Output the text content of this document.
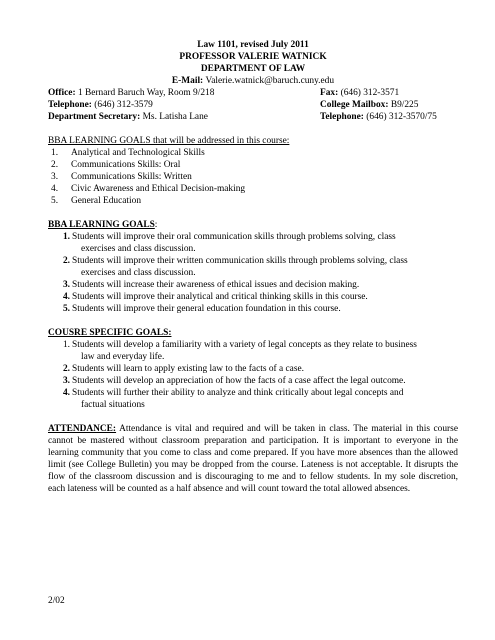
Law 1101, revised July 2011
PROFESSOR VALERIE WATNICK
DEPARTMENT OF LAW
E-Mail: Valerie.watnick@baruch.cuny.edu
Office: 1 Bernard Baruch Way, Room 9/218	Fax: (646) 312-3571
Telephone: (646) 312-3579	College Mailbox: B9/225
Department Secretary: Ms. Latisha Lane	Telephone: (646) 312-3570/75
BBA LEARNING GOALS that will be addressed in this course:
1.	Analytical and Technological Skills
2.	Communications Skills: Oral
3.	Communications Skills: Written
4.	Civic Awareness and Ethical Decision-making
5.	General Education
BBA LEARNING GOALS:
1. Students will improve their oral communication skills through problems solving, class
exercises and class discussion.
2. Students will improve their written communication skills through problems solving, class
exercises and class discussion.
3. Students will increase their awareness of ethical issues and decision making.
4. Students will improve their analytical and critical thinking skills in this course.
5. Students will improve their general education foundation in this course.
COUSRE SPECIFIC GOALS:
1. Students will develop a familiarity with a variety of legal concepts as they relate to business
law and everyday life.
2. Students will learn to apply existing law to the facts of a case.
3. Students will develop an appreciation of how the facts of a case affect the legal outcome.
4. Students will further their ability to analyze and think critically about legal concepts and
factual situations
ATTENDANCE: Attendance is vital and required and will be taken in class. The material in this course cannot be mastered without classroom preparation and participation. It is important to everyone in the learning community that you come to class and come prepared. If you have more absences than the allowed limit (see College Bulletin) you may be dropped from the course. Lateness is not acceptable. It disrupts the flow of the classroom discussion and is discouraging to me and to fellow students. In my sole discretion, each lateness will be counted as a half absence and will count toward the total allowed absences.
2/02
